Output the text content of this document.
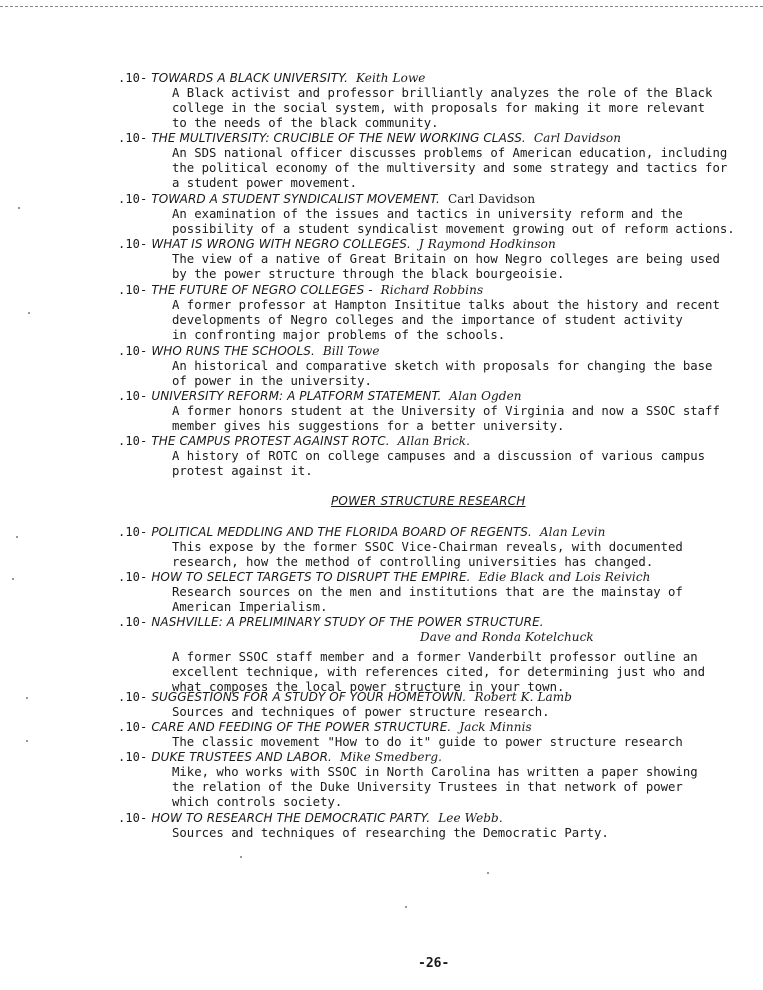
.10- TOWARDS A BLACK UNIVERSITY. Keith Lowe
A Black activist and professor brilliantly analyzes the role of the Black
college in the social system, with proposals for making it more relevant
to the needs of the black community.
.10- THE MULTIVERSITY: CRUCIBLE OF THE NEW WORKING CLASS. Carl Davidson
An SDS national officer discusses problems of American education, including
the political economy of the multiversity and some strategy and tactics for
a student power movement.
.10- TOWARD A STUDENT SYNDICALIST MOVEMENT. Carl Davidson
An examination of the issues and tactics in university reform and the
possibility of a student syndicalist movement growing out of reform actions.
.10- WHAT IS WRONG WITH NEGRO COLLEGES. J Raymond Hodkinson
The view of a native of Great Britain on how Negro colleges are being used
by the power structure through the black bourgeoisie.
.10- THE FUTURE OF NEGRO COLLEGES - Richard Robbins
A former professor at Hampton Insititue talks about the history and recent
developments of Negro colleges and the importance of student activity
in confronting major problems of the schools.
.10- WHO RUNS THE SCHOOLS. Bill Towe
An historical and comparative sketch with proposals for changing the base
of power in the university.
.10- UNIVERSITY REFORM: A PLATFORM STATEMENT. Alan Ogden
A former honors student at the University of Virginia and now a SSOC staff
member gives his suggestions for a better university.
.10- THE CAMPUS PROTEST AGAINST ROTC. Allan Brick.
A history of ROTC on college campuses and a discussion of various campus
protest against it.
POWER STRUCTURE RESEARCH
.10- POLITICAL MEDDLING AND THE FLORIDA BOARD OF REGENTS. Alan Levin
This expose by the former SSOC Vice-Chairman reveals, with documented
research, how the method of controlling universities has changed.
.10- HOW TO SELECT TARGETS TO DISRUPT THE EMPIRE. Edie Black and Lois Reivich
Research sources on the men and institutions that are the mainstay of
American Imperialism.
.10- NASHVILLE: A PRELIMINARY STUDY OF THE POWER STRUCTURE.
Dave and Ronda Kotelchuck
A former SSOC staff member and a former Vanderbilt professor outline an
excellent technique, with references cited, for determining just who and
what composes the local power structure in your town.
.10- SUGGESTIONS FOR A STUDY OF YOUR HOMETOWN. Robert K. Lamb
Sources and techniques of power structure research.
.10- CARE AND FEEDING OF THE POWER STRUCTURE. Jack Minnis
The classic movement "How to do it" guide to power structure research
.10- DUKE TRUSTEES AND LABOR. Mike Smedberg.
Mike, who works with SSOC in North Carolina has written a paper showing
the relation of the Duke University Trustees in that network of power
which controls society.
.10- HOW TO RESEARCH THE DEMOCRATIC PARTY. Lee Webb.
Sources and techniques of researching the Democratic Party.
-26-
